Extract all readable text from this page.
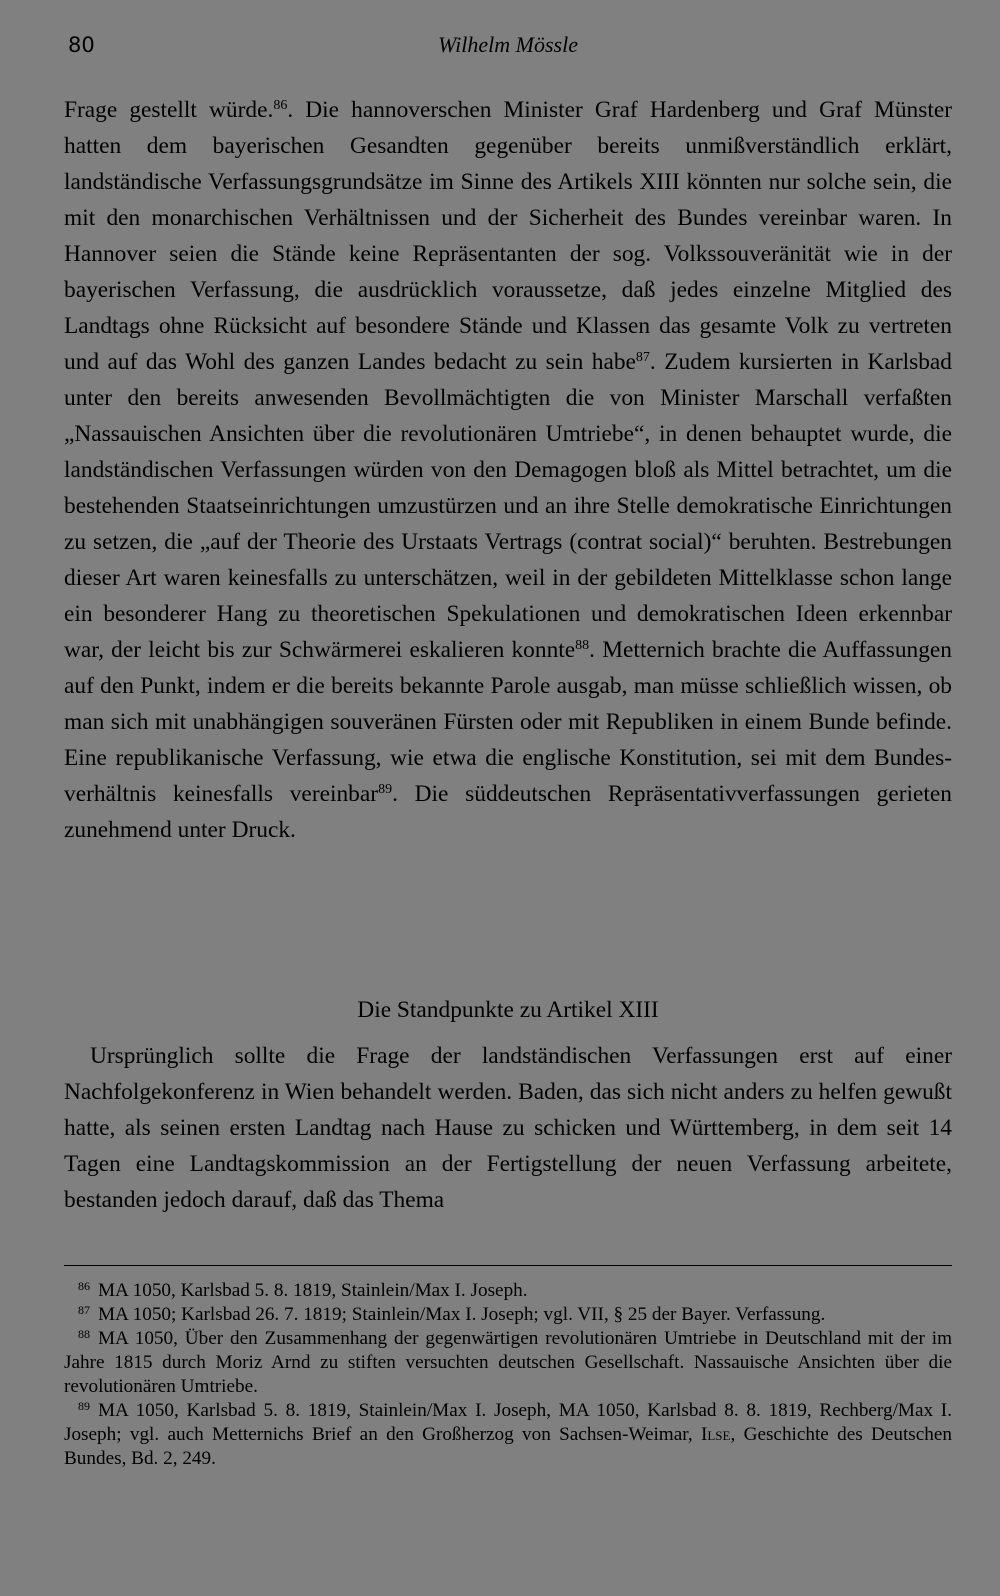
80	Wilhelm Mössle

Frage gestellt würde.$^{86}$. Die hannoverschen Minister Graf Hardenberg und Graf Münster hatten dem bayerischen Gesandten gegenüber bereits unmißverständlich erklärt, landständische Verfassungsgrundsätze im Sinne des Artikels XIII könnten nur solche sein, die mit den monarchischen Verhältnissen und der Sicherheit des Bundes vereinbar waren. In Hannover seien die Stände keine Repräsentanten der sog. Volkssouveränität wie in der bayerischen Verfassung, die ausdrücklich voraussetze, daß jedes einzelne Mitglied des Landtags ohne Rücksicht auf besondere Stände und Klassen das gesamte Volk zu vertreten und auf das Wohl des ganzen Landes bedacht zu sein habe$^{87}$. Zudem kursierten in Karlsbad unter den bereits anwesenden Bevollmächtigten die von Minister Marschall verfaßten „Nassauischen Ansichten über die revolutionären Umtriebe“, in denen behauptet wurde, die landständischen Verfassungen würden von den Demagogen bloß als Mittel betrachtet, um die bestehenden Staatseinrichtungen umzustürzen und an ihre Stelle demokratische Einrichtungen zu setzen, die „auf der Theorie des Urstaats Vertrags (contrat social)“ beruhten. Bestrebungen dieser Art waren keinesfalls zu unterschätzen, weil in der gebildeten Mittelklasse schon lange ein besonderer Hang zu theoretischen Spekulationen und demokratischen Ideen erkennbar war, der leicht bis zur Schwärmerei eskalieren konnte$^{88}$. Metternich brachte die Auffassungen auf den Punkt, indem er die bereits bekannte Parole ausgab, man müsse schließlich wissen, ob man sich mit unabhängigen souveränen Fürsten oder mit Republiken in einem Bunde befinde. Eine republikanische Verfassung, wie etwa die englische Konstitution, sei mit dem Bundesverhältnis keinesfalls vereinbar$^{89}$. Die süddeutschen Repräsentativverfassungen gerieten zunehmend unter Druck.

Die Standpunkte zu Artikel XIII

Ursprünglich sollte die Frage der landständischen Verfassungen erst auf einer Nachfolgekonferenz in Wien behandelt werden. Baden, das sich nicht anders zu helfen gewußt hatte, als seinen ersten Landtag nach Hause zu schicken und Württemberg, in dem seit 14 Tagen eine Landtagskommission an der Fertigstellung der neuen Verfassung arbeitete, bestanden jedoch darauf, daß das Thema

$^{86}$ MA 1050, Karlsbad 5. 8. 1819, Stainlein/Max I. Joseph.

$^{87}$ MA 1050; Karlsbad 26. 7. 1819; Stainlein/Max I. Joseph; vgl. VII, § 25 der Bayer. Verfassung.

$^{88}$ MA 1050, Über den Zusammenhang der gegenwärtigen revolutionären Umtriebe in Deutschland mit der im Jahre 1815 durch Moriz Arnd zu stiften versuchten deutschen Gesellschaft. Nassauische Ansichten über die revolutionären Umtriebe.

$^{89}$ MA 1050, Karlsbad 5. 8. 1819, Stainlein/Max I. Joseph, MA 1050, Karlsbad 8. 8. 1819, Rechberg/Max I. Joseph; vgl. auch Metternichs Brief an den Großherzog von Sachsen-Weimar, Ilse, Geschichte des Deutschen Bundes, Bd. 2, 249.
